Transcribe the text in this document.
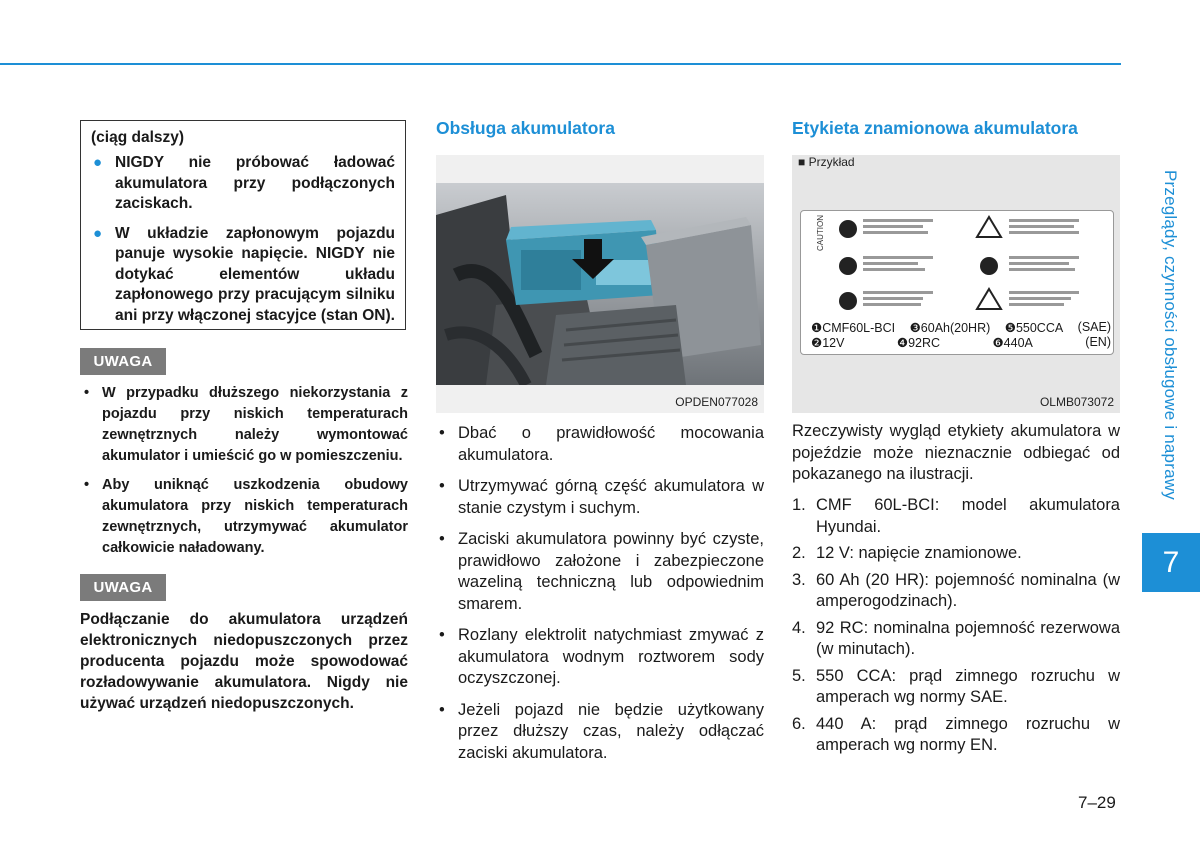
Przeglądy, czynności obsługowe i naprawy
7
(ciąg dalszy)
● NIGDY nie próbować ładować akumulatora przy podłączonych zaciskach.
● W układzie zapłonowym pojazdu panuje wysokie napięcie. NIGDY nie dotykać elementów układu zapłonowego przy pracującym silniku ani przy włączonej stacyjce (stan ON).
UWAGA
• W przypadku dłuższego niekorzystania z pojazdu przy niskich temperaturach zewnętrznych należy wymontować akumulator i umieścić go w pomieszczeniu.
• Aby uniknąć uszkodzenia obudowy akumulatora przy niskich temperaturach zewnętrznych, utrzymywać akumulator całkowicie naładowany.
UWAGA
Podłączanie do akumulatora urządzeń elektronicznych niedopuszczonych przez producenta pojazdu może spowodować rozładowywanie akumulatora. Nigdy nie używać urządzeń niedopuszczonych.
Obsługa akumulatora
OPDEN077028
• Dbać o prawidłowość mocowania akumulatora.
• Utrzymywać górną część akumulatora w stanie czystym i suchym.
• Zaciski akumulatora powinny być czyste, prawidłowo założone i zabezpieczone wazeliną techniczną lub odpowiednim smarem.
• Rozlany elektrolit natychmiast zmywać z akumulatora wodnym roztworem sody oczyszczonej.
• Jeżeli pojazd nie będzie użytkowany przez dłuższy czas, należy odłączać zaciski akumulatora.
Etykieta znamionowa akumulatora
■ Przykład
CAUTION
❶CMF60L-BCI ❸60Ah(20HR) ❺550CCA (SAE)
❷12V	❹92RC	❻440A	(EN)
OLMB073072
Rzeczywisty wygląd etykiety akumulatora w pojeździe może nieznacznie odbiegać od pokazanego na ilustracji.
1. CMF 60L-BCI: model akumulatora Hyundai.
2. 12 V: napięcie znamionowe.
3. 60 Ah (20 HR): pojemność nominalna (w amperogodzinach).
4. 92 RC: nominalna pojemność rezerwowa (w minutach).
5. 550 CCA: prąd zimnego rozruchu w amperach wg normy SAE.
6. 440 A: prąd zimnego rozruchu w amperach wg normy EN.
7–29
